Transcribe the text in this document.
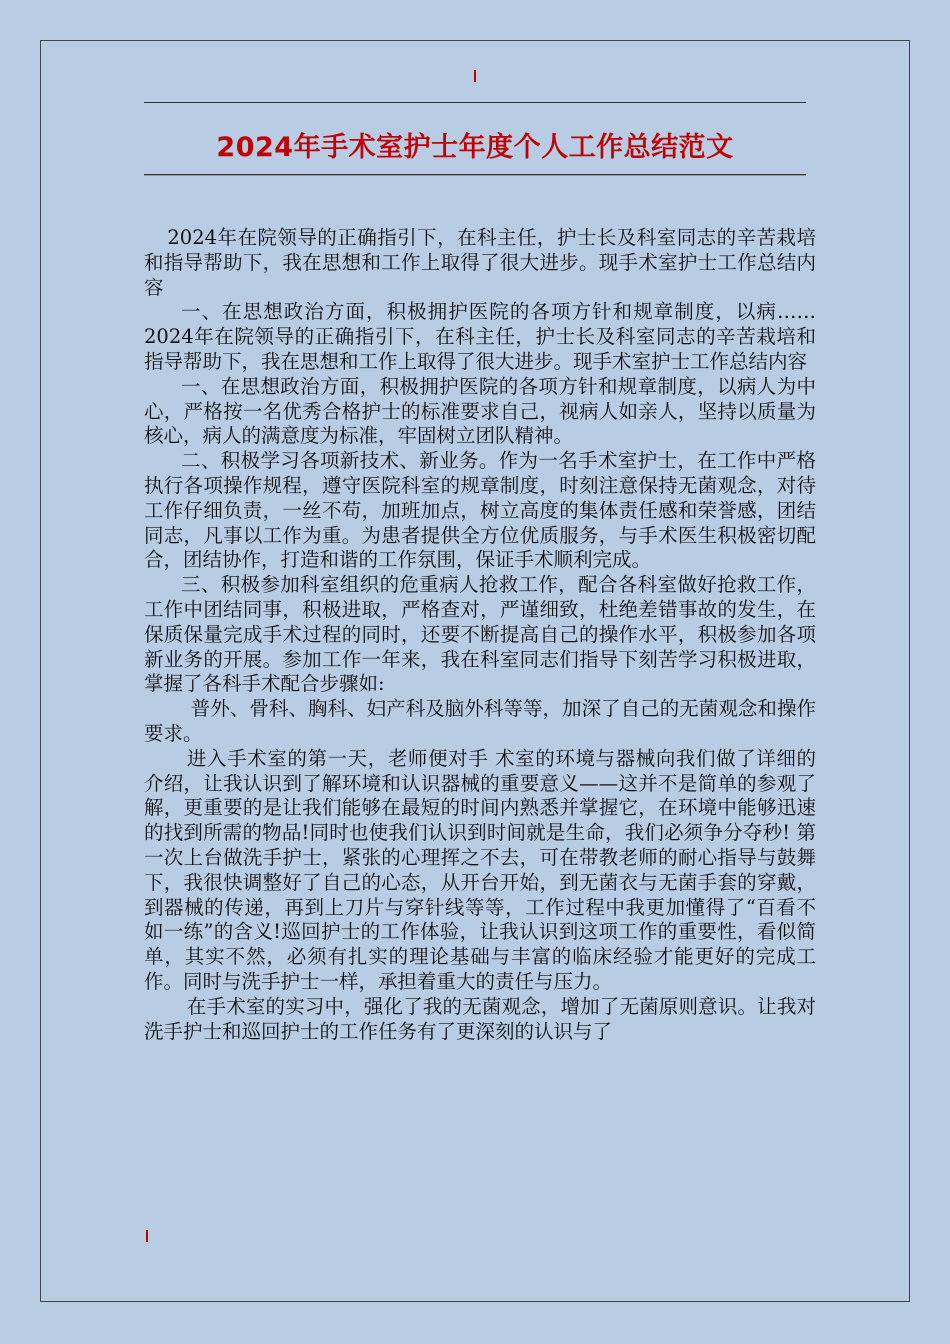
2024年手术室护士年度个人工作总结范文

2024年在院领导的正确指引下，在科主任，护士长及科室同志的辛苦栽培和指导帮助下，我在思想和工作上取得了很大进步。现手术室护士工作总结内容

一、在思想政治方面，积极拥护医院的各项方针和规章制度，以病…… 2024年在院领导的正确指引下，在科主任，护士长及科室同志的辛苦栽培和指导帮助下，我在思想和工作上取得了很大进步。现手术室护士工作总结内容

一、在思想政治方面，积极拥护医院的各项方针和规章制度，以病人为中心，严格按一名优秀合格护士的标准要求自己，视病人如亲人，坚持以质量为核心，病人的满意度为标准，牢固树立团队精神。

二、积极学习各项新技术、新业务。作为一名手术室护士，在工作中严格执行各项操作规程，遵守医院科室的规章制度，时刻注意保持无菌观念，对待工作仔细负责，一丝不苟，加班加点，树立高度的集体责任感和荣誉感，团结同志，凡事以工作为重。为患者提供全方位优质服务，与手术医生积极密切配合，团结协作，打造和谐的工作氛围，保证手术顺利完成。

三、积极参加科室组织的危重病人抢救工作，配合各科室做好抢救工作，工作中团结同事，积极进取，严格查对，严谨细致，杜绝差错事故的发生，在保质保量完成手术过程的同时，还要不断提高自己的操作水平，积极参加各项新业务的开展。参加工作一年来，我在科室同志们指导下刻苦学习积极进取，掌握了各科手术配合步骤如:

普外、骨科、胸科、妇产科及脑外科等等，加深了自己的无菌观念和操作要求。

进入手术室的第一天，老师便对手 术室的环境与器械向我们做了详细的介绍，让我认识到了解环境和认识器械的重要意义——这并不是简单的参观了解，更重要的是让我们能够在最短的时间内熟悉并掌握它，在环境中能够迅速的找到所需的物品!同时也使我们认识到时间就是生命，我们必须争分夺秒! 第一次上台做洗手护士，紧张的心理挥之不去，可在带教老师的耐心指导与鼓舞下，我很快调整好了自己的心态，从开台开始，到无菌衣与无菌手套的穿戴，到器械的传递，再到上刀片与穿针线等等，工作过程中我更加懂得了“百看不如一练”的含义!巡回护士的工作体验，让我认识到这项工作的重要性，看似简单，其实不然，必须有扎实的理论基础与丰富的临床经验才能更好的完成工作。同时与洗手护士一样，承担着重大的责任与压力。

在手术室的实习中，强化了我的无菌观念，增加了无菌原则意识。让我对洗手护士和巡回护士的工作任务有了更深刻的认识与了
